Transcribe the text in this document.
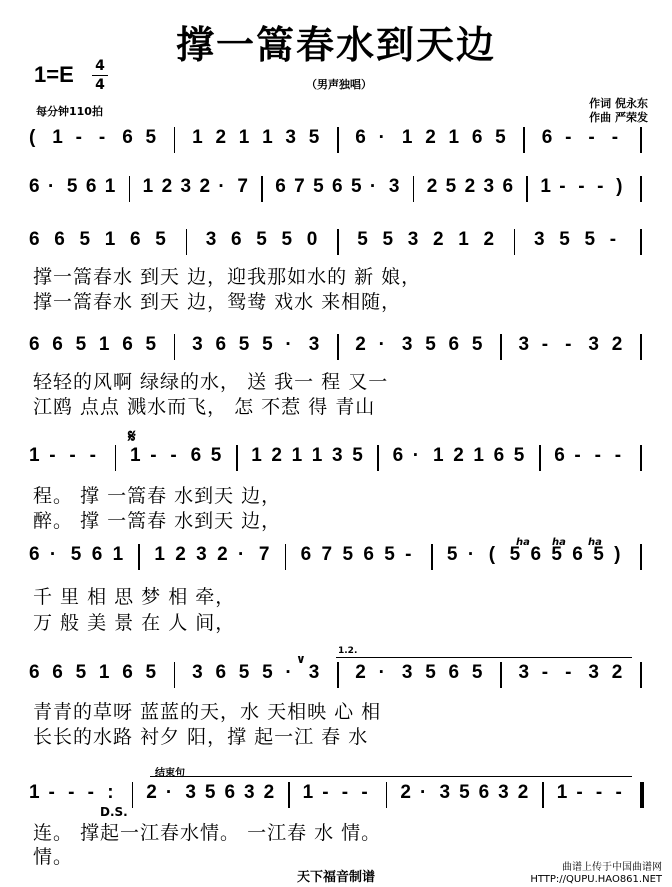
撑一篙春水到天边
1=E 4
4	（男声独唱）
每分钟110拍
作词 倪永东
作曲 严荣发
( 1 - - 6 5 1 2 1 1 3 5 6 · 1 2 1 6 5 6 - - -
6 · 5 6 1 1 2 3 2 · 7 6 7 5 6 5 · 3 2 5 2 3 6 1 - - - )
6 6 5 1 6 5 3 6 5 5 0 5 5 3 2 1 2 3 5 5 -
6 6 5 1 6 5 3 6 5 5 · 3 2 · 3 5 6 5 3 - - 3 2
1 - - - 1 - - 6 5 1 2 1 1 3 5 6 · 1 2 1 6 5 6 - - -
6 · 5 6 1 1 2 3 2 · 7 6 7 5 6 5 - 5 · ( 5 6 5 6 5 )
6 6 5 1 6 5 3 6 5 5 · 3 2 · 3 5 6 5 3 - - 3 2
1 - - - : 2 · 3 5 6 3 2 1 - - - 2 · 3 5 6 3 2 1 - - -
撑一篙春水 到天 边，迎我那如水的 新 娘，
撑一篙春水 到天 边，鸳鸯 戏水 来相随，
轻轻的风啊 绿绿的水， 送 我一 程 又一
江鸥 点点 溅水而飞， 怎 不惹 得 青山
程。 撑 一篙春 水到天 边，
醉。 撑 一篙春 水到天 边，
千 里 相 思 梦 相 牵，
万 般 美 景 在 人 间，
青青的草呀 蓝蓝的天，水 天相映 心 相
长长的水路 衬夕 阳，撑 起一江 春 水
连。 撑起一江春水情。 一江春 水 情。
情。
𝄋
D.S.
1.2.
结束句
∨
ha ha ha
天下福音制谱
曲谱上传于中国曲谱网
HTTP://QUPU.HAO861.NET
